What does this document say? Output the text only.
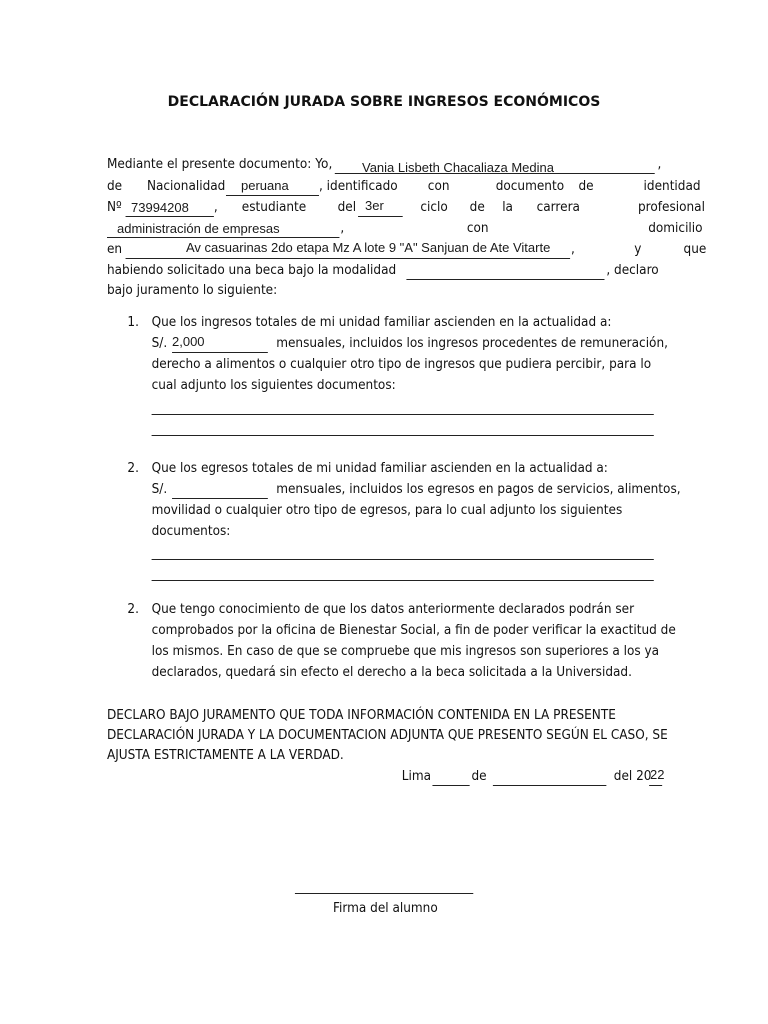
DECLARACIÓN JURADA SOBRE INGRESOS ECONÓMICOS
Mediante el presente documento: Yo,	,
de Nacionalidad	, identificado con	documento de	identidad
Nº	, estudiante del	ciclo de la carrera	profesional
,	con	domicilio
en	,	y	que
habiendo solicitado una beca bajo la modalidad	, declaro
bajo juramento lo siguiente:
1. Que los ingresos totales de mi unidad familiar ascienden en la actualidad a:
S/.	mensuales, incluidos los ingresos procedentes de remuneración,
derecho a alimentos o cualquier otro tipo de ingresos que pudiera percibir, para lo
cual adjunto los siguientes documentos:
2. Que los egresos totales de mi unidad familiar ascienden en la actualidad a:
S/.	mensuales, incluidos los egresos en pagos de servicios, alimentos,
movilidad o cualquier otro tipo de egresos, para lo cual adjunto los siguientes
documentos:
2. Que tengo conocimiento de que los datos anteriormente declarados podrán ser
comprobados por la oficina de Bienestar Social, a fin de poder verificar la exactitud de
los mismos. En caso de que se compruebe que mis ingresos son superiores a los ya
declarados, quedará sin efecto el derecho a la beca solicitada a la Universidad.
DECLARO BAJO JURAMENTO QUE TODA INFORMACIÓN CONTENIDA EN LA PRESENTE
DECLARACIÓN JURADA Y LA DOCUMENTACION ADJUNTA QUE PRESENTO SEGÚN EL CASO, SE
AJUSTA ESTRICTAMENTE A LA VERDAD.
Lima	de	del 20
Firma del alumno
Vania Lisbeth Chacaliaza Medina
peruana
73994208	3er
administración de empresas
Av casuarinas 2do etapa Mz A lote 9 "A" Sanjuan de Ate Vitarte
2,000
22
